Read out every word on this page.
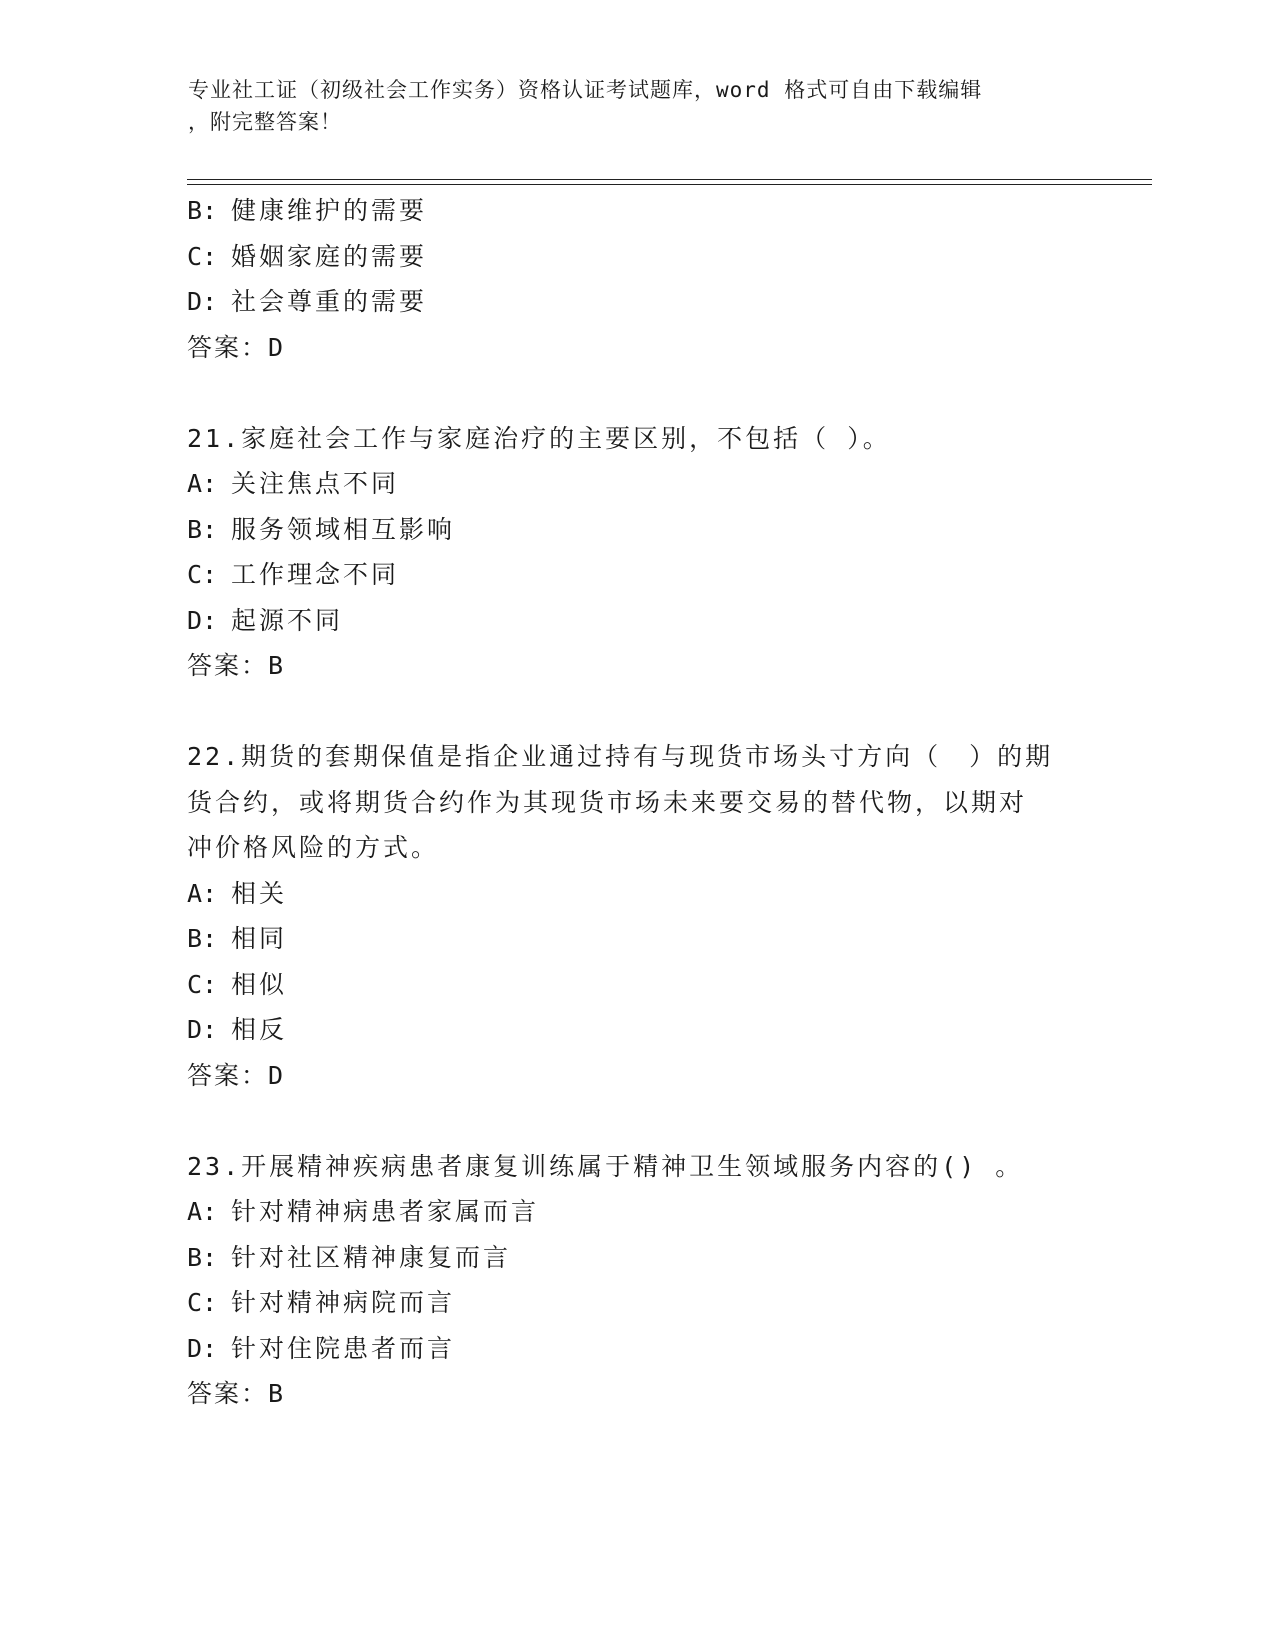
专业社工证（初级社会工作实务）资格认证考试题库，word 格式可自由下载编辑
，附完整答案！
B: 健康维护的需要
C: 婚姻家庭的需要
D: 社会尊重的需要
答案：D
21.家庭社会工作与家庭治疗的主要区别，不包括（ ）。
A: 关注焦点不同
B: 服务领域相互影响
C: 工作理念不同
D: 起源不同
答案：B
22.期货的套期保值是指企业通过持有与现货市场头寸方向（　）的期
货合约，或将期货合约作为其现货市场未来要交易的替代物，以期对
冲价格风险的方式。
A: 相关
B: 相同
C: 相似
D: 相反
答案：D
23.开展精神疾病患者康复训练属于精神卫生领域服务内容的() 。
A: 针对精神病患者家属而言
B: 针对社区精神康复而言
C: 针对精神病院而言
D: 针对住院患者而言
答案：B
